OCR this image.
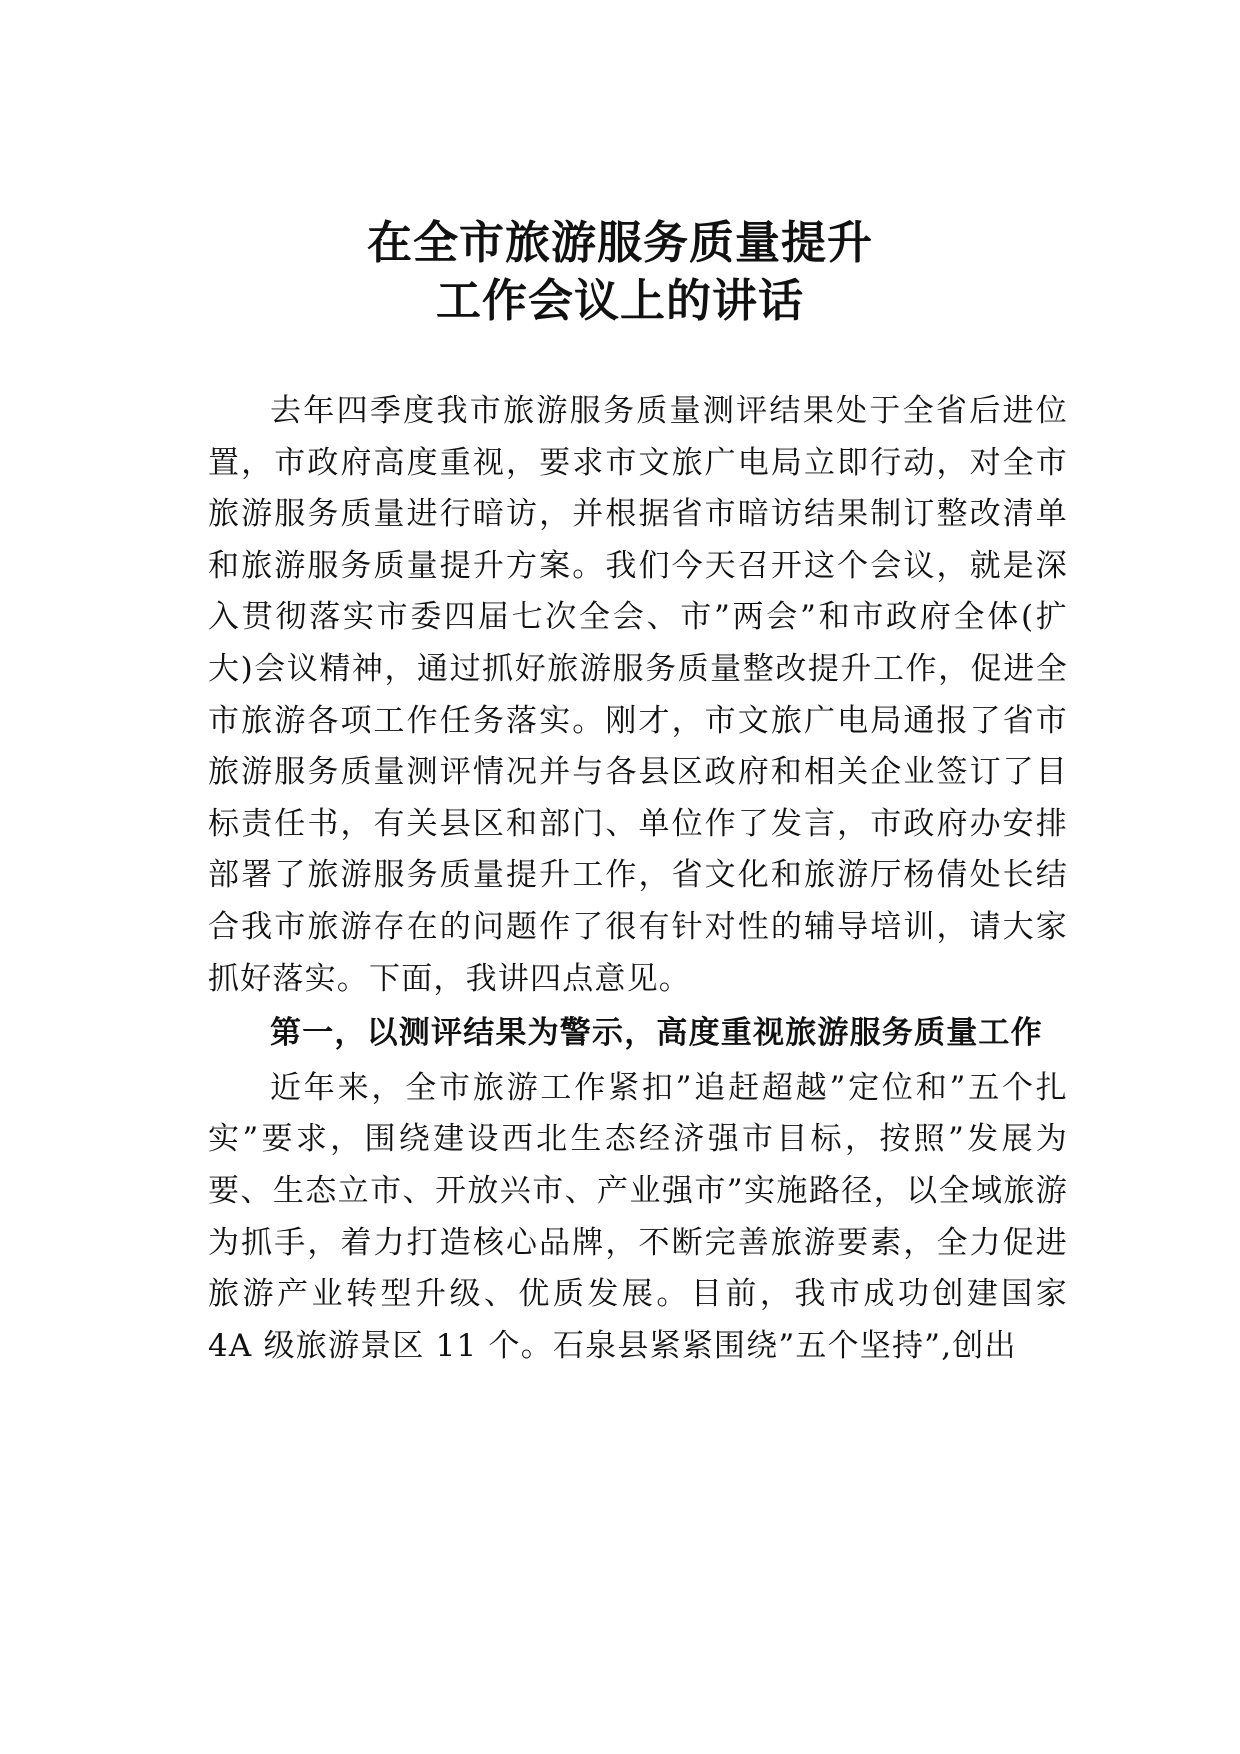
在全市旅游服务质量提升
工作会议上的讲话

去年四季度我市旅游服务质量测评结果处于全省后进位置，市政府高度重视，要求市文旅广电局立即行动，对全市旅游服务质量进行暗访，并根据省市暗访结果制订整改清单和旅游服务质量提升方案。我们今天召开这个会议，就是深入贯彻落实市委四届七次全会、市”两会”和市政府全体(扩大)会议精神，通过抓好旅游服务质量整改提升工作，促进全市旅游各项工作任务落实。刚才，市文旅广电局通报了省市旅游服务质量测评情况并与各县区政府和相关企业签订了目标责任书，有关县区和部门、单位作了发言，市政府办安排部署了旅游服务质量提升工作，省文化和旅游厅杨倩处长结合我市旅游存在的问题作了很有针对性的辅导培训，请大家抓好落实。下面，我讲四点意见。

第一，以测评结果为警示，高度重视旅游服务质量工作

近年来，全市旅游工作紧扣”追赶超越”定位和”五个扎实”要求，围绕建设西北生态经济强市目标，按照”发展为要、生态立市、开放兴市、产业强市”实施路径，以全域旅游为抓手，着力打造核心品牌，不断完善旅游要素，全力促进旅游产业转型升级、优质发展。目前，我市成功创建国家 4A 级旅游景区 11 个。石泉县紧紧围绕”五个坚持”,创出
